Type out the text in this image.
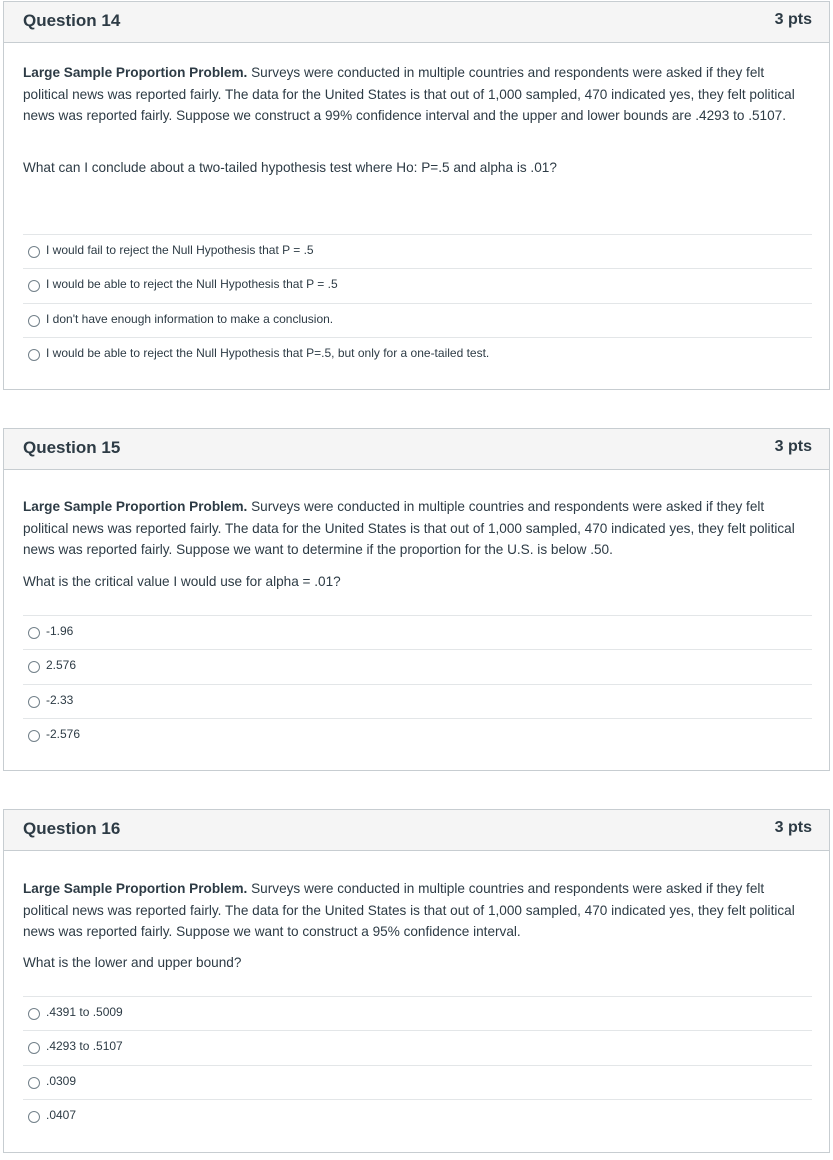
Question 14	3 pts

Large Sample Proportion Problem. Surveys were conducted in multiple countries and respondents were asked if they felt political news was reported fairly. The data for the United States is that out of 1,000 sampled, 470 indicated yes, they felt political news was reported fairly. Suppose we construct a 99% confidence interval and the upper and lower bounds are .4293 to .5107.

What can I conclude about a two-tailed hypothesis test where Ho: P=.5 and alpha is .01?
I would fail to reject the Null Hypothesis that P = .5
I would be able to reject the Null Hypothesis that P = .5
I don't have enough information to make a conclusion.
I would be able to reject the Null Hypothesis that P=.5, but only for a one-tailed test.
Question 15	3 pts

Large Sample Proportion Problem. Surveys were conducted in multiple countries and respondents were asked if they felt political news was reported fairly. The data for the United States is that out of 1,000 sampled, 470 indicated yes, they felt political news was reported fairly. Suppose we want to determine if the proportion for the U.S. is below .50.

What is the critical value I would use for alpha = .01?
-1.96
2.576
-2.33
-2.576
Question 16	3 pts

Large Sample Proportion Problem. Surveys were conducted in multiple countries and respondents were asked if they felt political news was reported fairly. The data for the United States is that out of 1,000 sampled, 470 indicated yes, they felt political news was reported fairly. Suppose we want to construct a 95% confidence interval.

What is the lower and upper bound?
.4391 to .5009
.4293 to .5107
.0309
.0407
